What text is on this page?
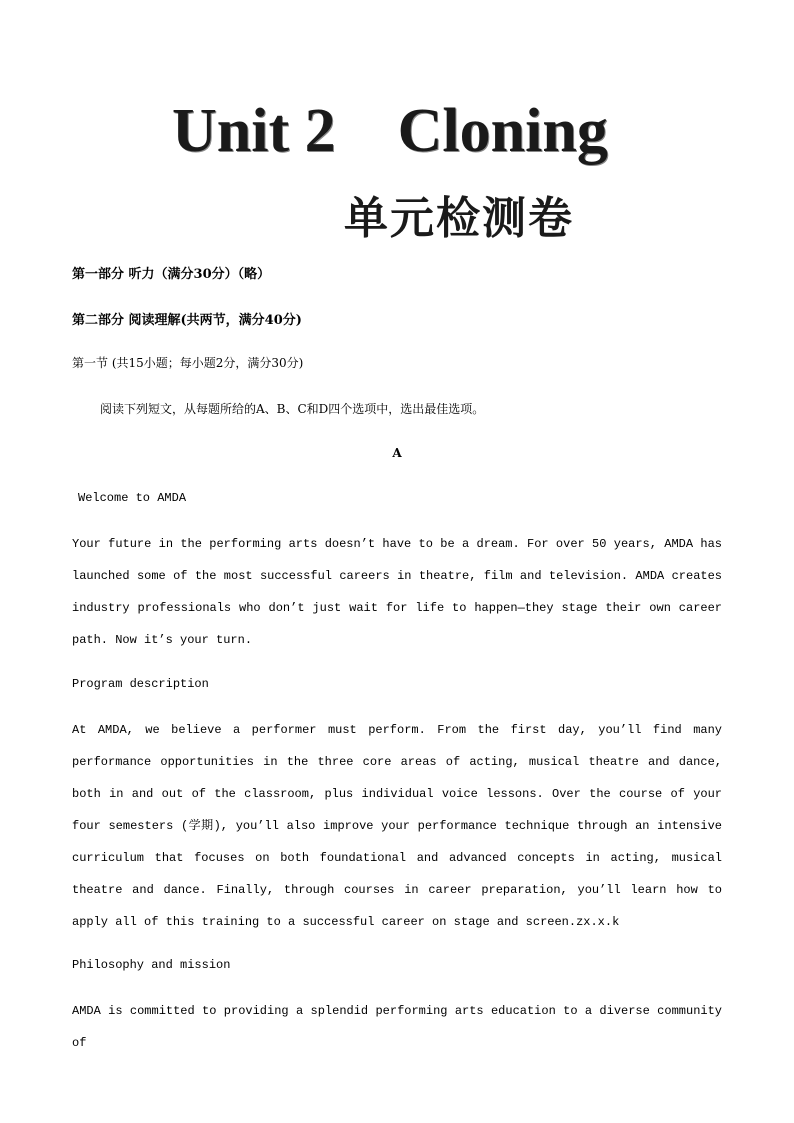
Unit 2    Cloning
单元检测卷
第一部分 听力（满分30分）（略）
第二部分 阅读理解(共两节，满分40分)
第一节 (共15小题；每小题2分，满分30分)
阅读下列短文，从每题所给的A、B、C和D四个选项中，选出最佳选项。
A
Welcome to AMDA
Your future in the performing arts doesn’t have to be a dream. For over 50 years, AMDA has launched some of the most successful careers in theatre, film and television. AMDA creates industry professionals who don’t just wait for life to happen—they stage their own career path. Now it’s your turn.
Program description
At AMDA, we believe a performer must perform. From the first day, you’ll find many performance opportunities in the three core areas of acting, musical theatre and dance, both in and out of the classroom, plus individual voice lessons. Over the course of your four semesters (学期), you’ll also improve your performance technique through an intensive curriculum that focuses on both foundational and advanced concepts in acting, musical theatre and dance. Finally, through courses in career preparation, you’ll learn how to apply all of this training to a successful career on stage and screen.zx.x.k
Philosophy and mission
AMDA is committed to providing a splendid performing arts education to a diverse community of
